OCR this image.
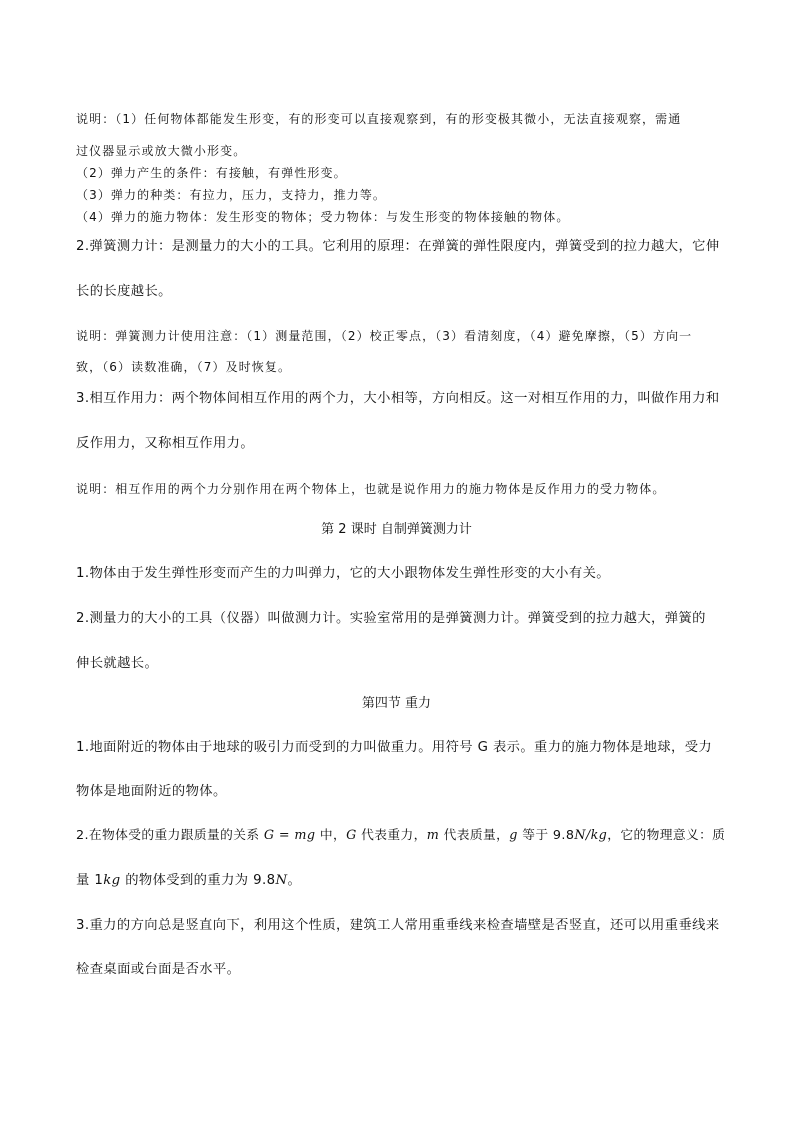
说明：（1）任何物体都能发生形变，有的形变可以直接观察到，有的形变极其微小，无法直接观察，需通
过仪器显示或放大微小形变。
（2）弹力产生的条件：有接触，有弹性形变。
（3）弹力的种类：有拉力，压力，支持力，推力等。
（4）弹力的施力物体：发生形变的物体；受力物体：与发生形变的物体接触的物体。
2.弹簧测力计：是测量力的大小的工具。它利用的原理：在弹簧的弹性限度内，弹簧受到的拉力越大，它伸
长的长度越长。
说明：弹簧测力计使用注意：（1）测量范围，（2）校正零点，（3）看清刻度，（4）避免摩擦，（5）方向一
致，（6）读数准确，（7）及时恢复。
3.相互作用力：两个物体间相互作用的两个力，大小相等，方向相反。这一对相互作用的力，叫做作用力和
反作用力，又称相互作用力。
说明：相互作用的两个力分别作用在两个物体上，也就是说作用力的施力物体是反作用力的受力物体。
第 2 课时 自制弹簧测力计
1.物体由于发生弹性形变而产生的力叫弹力，它的大小跟物体发生弹性形变的大小有关。
2.测量力的大小的工具（仪器）叫做测力计。实验室常用的是弹簧测力计。弹簧受到的拉力越大，弹簧的
伸长就越长。
第四节 重力
1.地面附近的物体由于地球的吸引力而受到的力叫做重力。用符号 G 表示。重力的施力物体是地球，受力
物体是地面附近的物体。
2.在物体受的重力跟质量的关系 G = mg 中，G 代表重力，m 代表质量，g 等于 9.8N/kg，它的物理意义：质
量 1kg 的物体受到的重力为 9.8N。
3.重力的方向总是竖直向下，利用这个性质，建筑工人常用重垂线来检查墙壁是否竖直，还可以用重垂线来
检查桌面或台面是否水平。
